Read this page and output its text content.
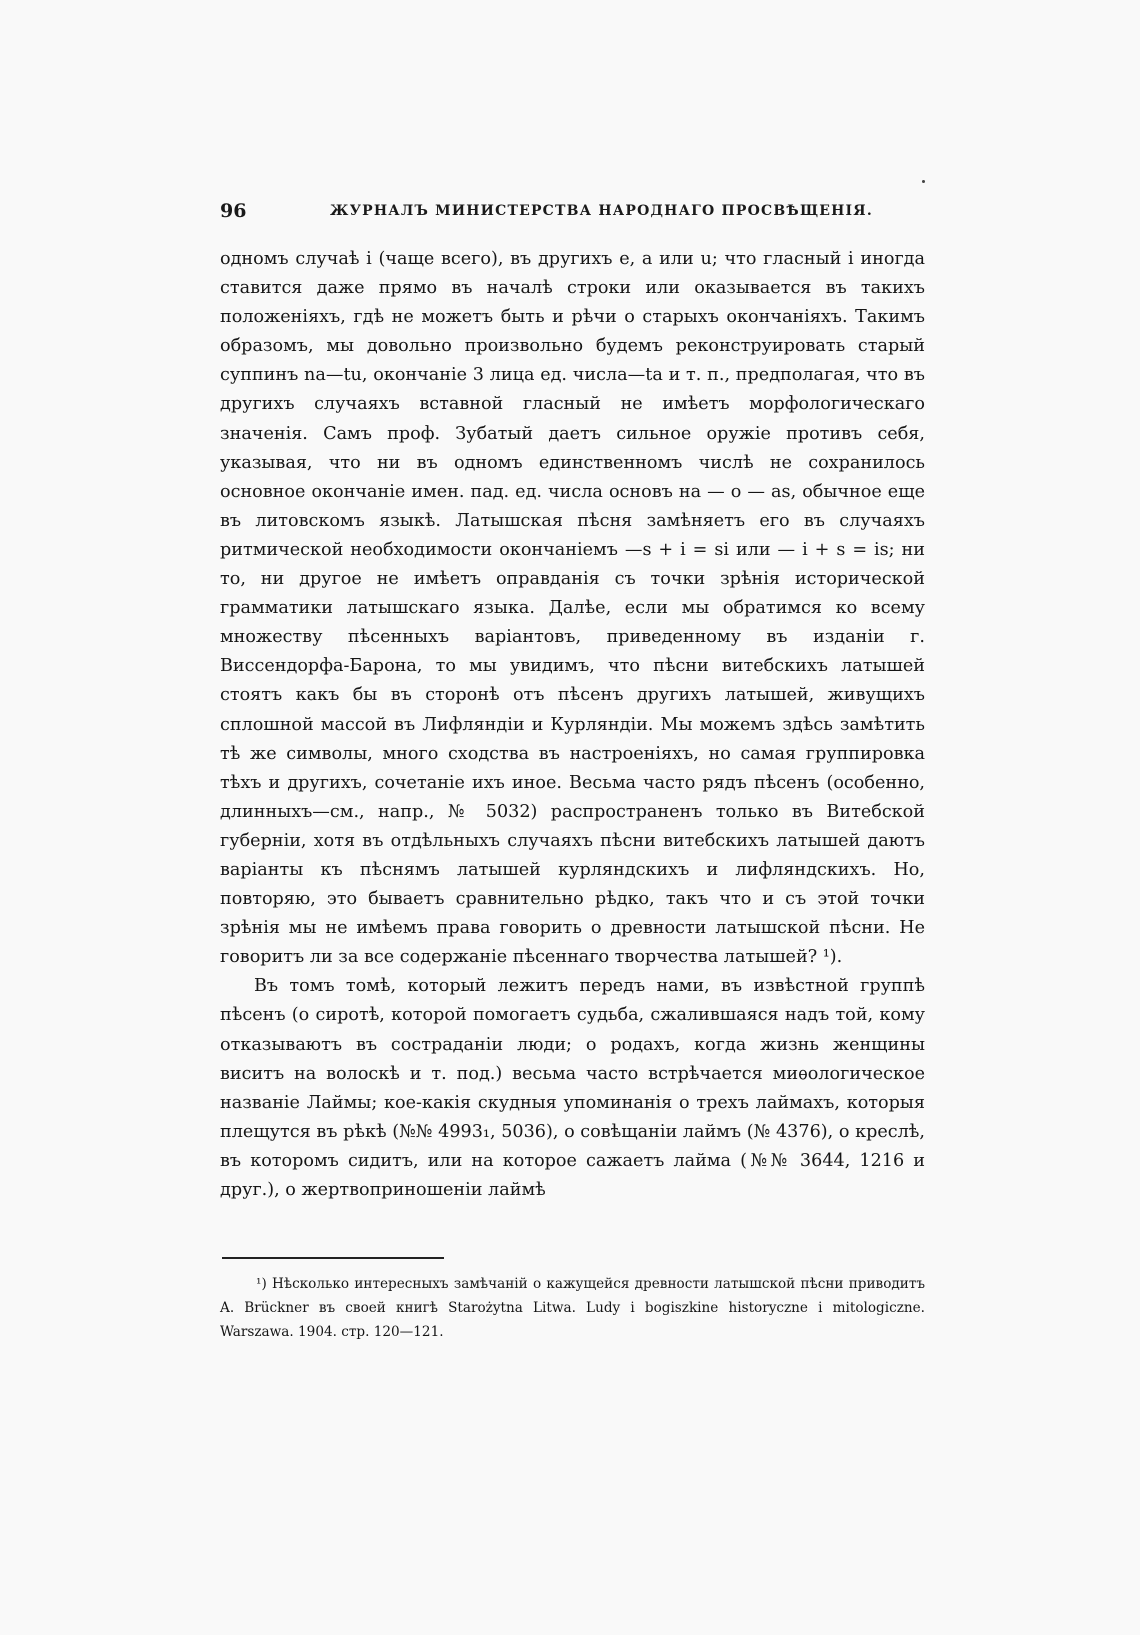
96	ЖУРНАЛЪ МИНИСТЕРСТВА НАРОДНАГО ПРОСВѢЩЕНІЯ.

одномъ случаѣ i (чаще всего), въ другихъ e, a или u; что гласный i иногда ставится даже прямо въ началѣ строки или оказывается въ такихъ положеніяхъ, гдѣ не можетъ быть и рѣчи о старыхъ окончаніяхъ. Такимъ образомъ, мы довольно произвольно будемъ реконструировать старый суппинъ na—tu, окончаніе 3 лица ед. числа—ta и т. п., предполагая, что въ другихъ случаяхъ вставной гласный не имѣетъ морфологическаго значенія. Самъ проф. Зубатый даетъ сильное оружіе противъ себя, указывая, что ни въ одномъ единственномъ числѣ не сохранилось основное окончаніе имен. пад. ед. числа основъ на — o — as, обычное еще въ литовскомъ языкѣ. Латышская пѣсня замѣняетъ его въ случаяхъ ритмической необходимости окончаніемъ —s + i = si или — i + s = is; ни то, ни другое не имѣетъ оправданія съ точки зрѣнія исторической грамматики латышскаго языка. Далѣе, если мы обратимся ко всему множеству пѣсенныхъ варіантовъ, приведенному въ изданіи г. Виссендорфа-Барона, то мы увидимъ, что пѣсни витебскихъ латышей стоятъ какъ бы въ сторонѣ отъ пѣсенъ другихъ латышей, живущихъ сплошной массой въ Лифляндіи и Курляндіи. Мы можемъ здѣсь замѣтить тѣ же символы, много сходства въ настроеніяхъ, но самая группировка тѣхъ и другихъ, сочетаніе ихъ иное. Весьма часто рядъ пѣсенъ (особенно, длинныхъ—см., напр., № 5032) распространенъ только въ Витебской губерніи, хотя въ отдѣльныхъ случаяхъ пѣсни витебскихъ латышей даютъ варіанты къ пѣснямъ латышей курляндскихъ и лифляндскихъ. Но, повторяю, это бываетъ сравнительно рѣдко, такъ что и съ этой точки зрѣнія мы не имѣемъ права говорить о древности латышской пѣсни. Не говоритъ ли за все содержаніе пѣсеннаго творчества латышей? ¹).

Въ томъ томѣ, который лежитъ передъ нами, въ извѣстной группѣ пѣсенъ (о сиротѣ, которой помогаетъ судьба, сжалившаяся надъ той, кому отказываютъ въ состраданіи люди; о родахъ, когда жизнь женщины виситъ на волоскѣ и т. под.) весьма часто встрѣчается миѳологическое названіе Лаймы; кое-какія скудныя упоминанія о трехъ лаймахъ, которыя плещутся въ рѣкѣ (№№ 4993₁, 5036), о совѣщаніи лаймъ (№ 4376), о креслѣ, въ которомъ сидитъ, или на которое сажаетъ лайма (№№ 3644, 1216 и друг.), о жертвоприношеніи лаймѣ

¹) Нѣсколько интересныхъ замѣчаній о кажущейся древности латышской пѣсни приводитъ A. Brückner въ своей книгѣ Starożytna Litwa. Ludy i bogiszkine historyczne i mitologiczne. Warszawa. 1904. стр. 120—121.
